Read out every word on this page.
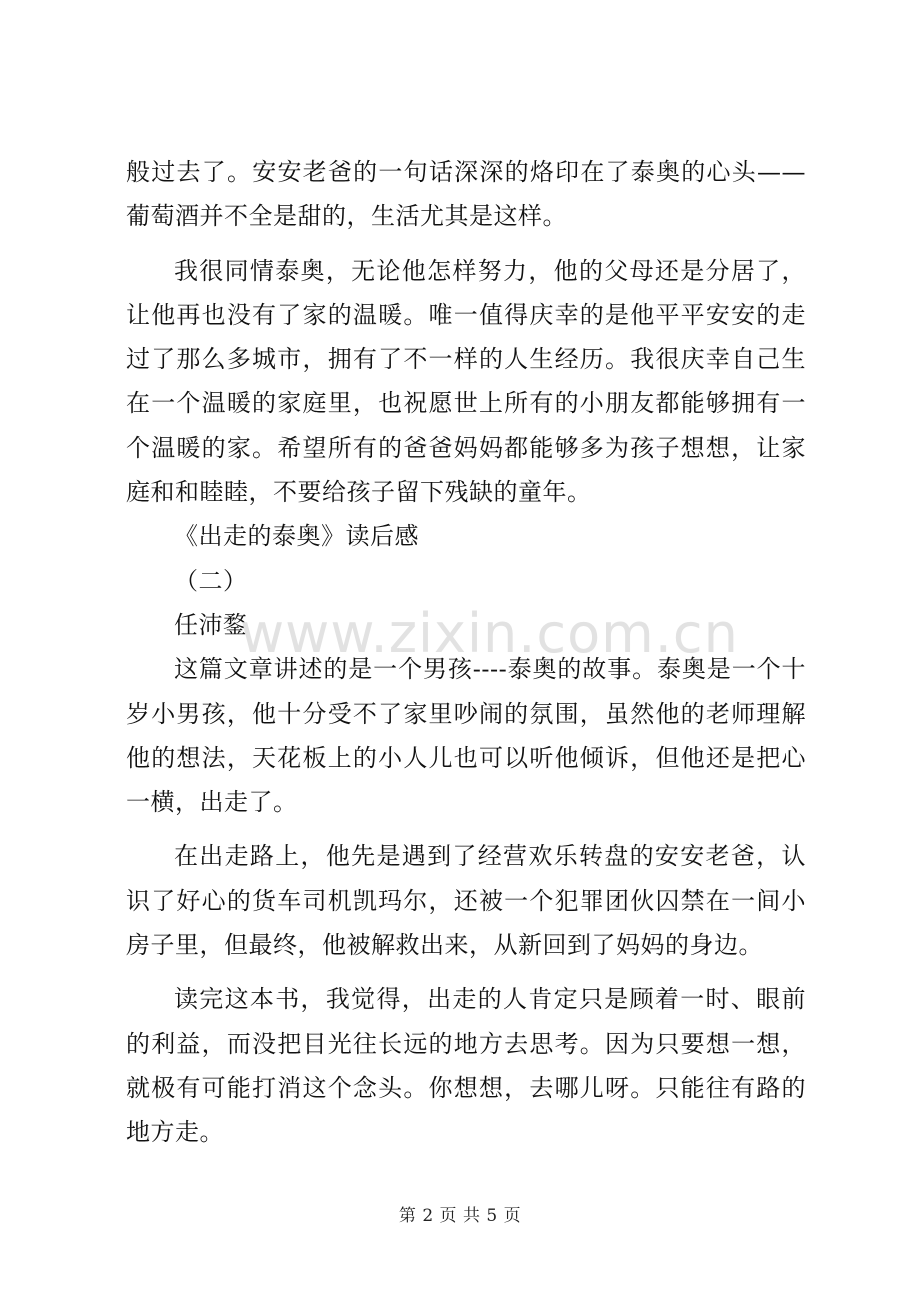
般过去了。安安老爸的一句话深深的烙印在了泰奥的心头——葡萄酒并不全是甜的，生活尤其是这样。

我很同情泰奥，无论他怎样努力，他的父母还是分居了，让他再也没有了家的温暖。唯一值得庆幸的是他平平安安的走过了那么多城市，拥有了不一样的人生经历。我很庆幸自己生在一个温暖的家庭里，也祝愿世上所有的小朋友都能够拥有一个温暖的家。希望所有的爸爸妈妈都能够多为孩子想想，让家庭和和睦睦，不要给孩子留下残缺的童年。

《出走的泰奥》读后感

（二）

任沛鍪

这篇文章讲述的是一个男孩----泰奥的故事。泰奥是一个十岁小男孩，他十分受不了家里吵闹的氛围，虽然他的老师理解他的想法，天花板上的小人儿也可以听他倾诉，但他还是把心一横，出走了。

在出走路上，他先是遇到了经营欢乐转盘的安安老爸，认识了好心的货车司机凯玛尔，还被一个犯罪团伙囚禁在一间小房子里，但最终，他被解救出来，从新回到了妈妈的身边。

读完这本书，我觉得，出走的人肯定只是顾着一时、眼前的利益，而没把目光往长远的地方去思考。因为只要想一想，就极有可能打消这个念头。你想想，去哪儿呀。只能往有路的地方走。

www.zixin.com.cn
第 2 页 共 5 页
